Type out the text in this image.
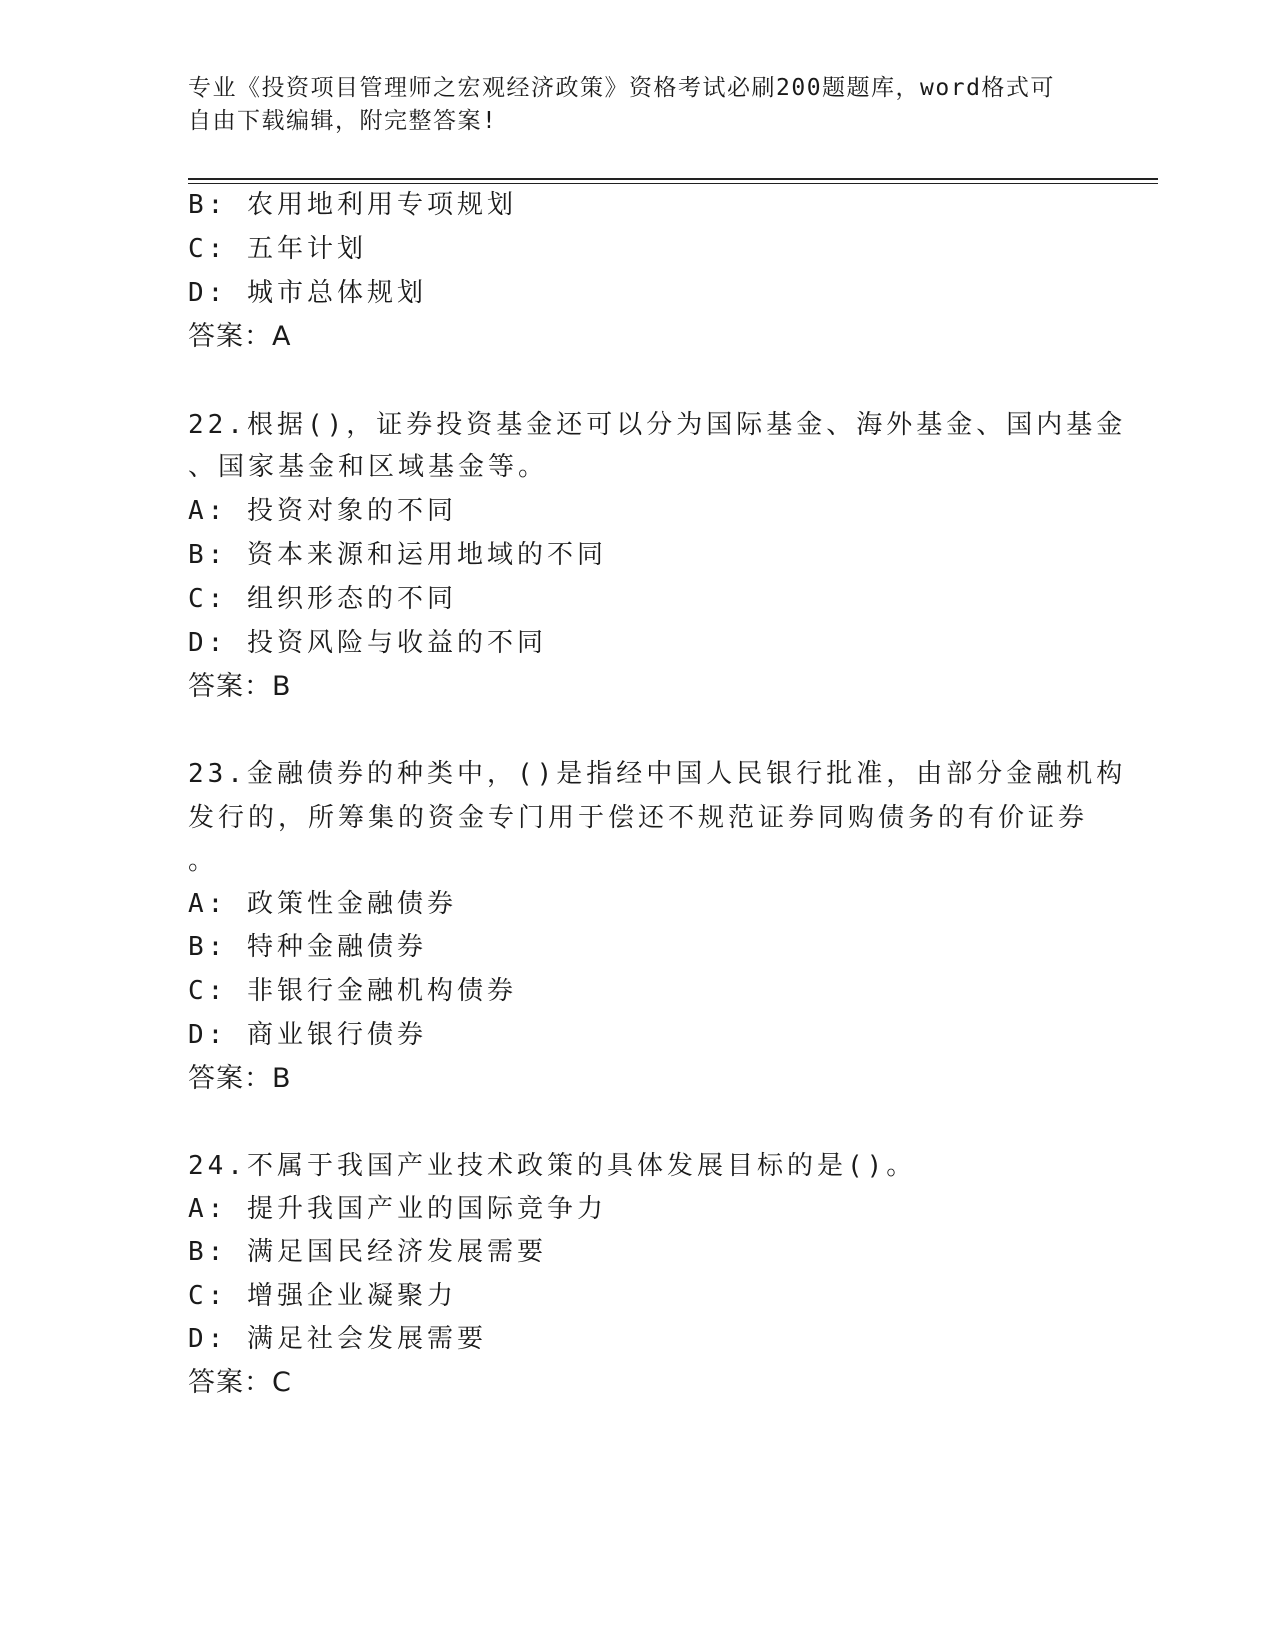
专业《投资项目管理师之宏观经济政策》资格考试必刷200题题库，word格式可
自由下载编辑，附完整答案!
B: 农用地利用专项规划
C: 五年计划
D: 城市总体规划
答案：A
22.根据()，证券投资基金还可以分为国际基金、海外基金、国内基金
、国家基金和区域基金等。
A: 投资对象的不同
B: 资本来源和运用地域的不同
C: 组织形态的不同
D: 投资风险与收益的不同
答案：B
23.金融债券的种类中，()是指经中国人民银行批准，由部分金融机构
发行的，所筹集的资金专门用于偿还不规范证券同购债务的有价证券
。
A: 政策性金融债券
B: 特种金融债券
C: 非银行金融机构债券
D: 商业银行债券
答案：B
24.不属于我国产业技术政策的具体发展目标的是()。
A: 提升我国产业的国际竞争力
B: 满足国民经济发展需要
C: 增强企业凝聚力
D: 满足社会发展需要
答案：C
